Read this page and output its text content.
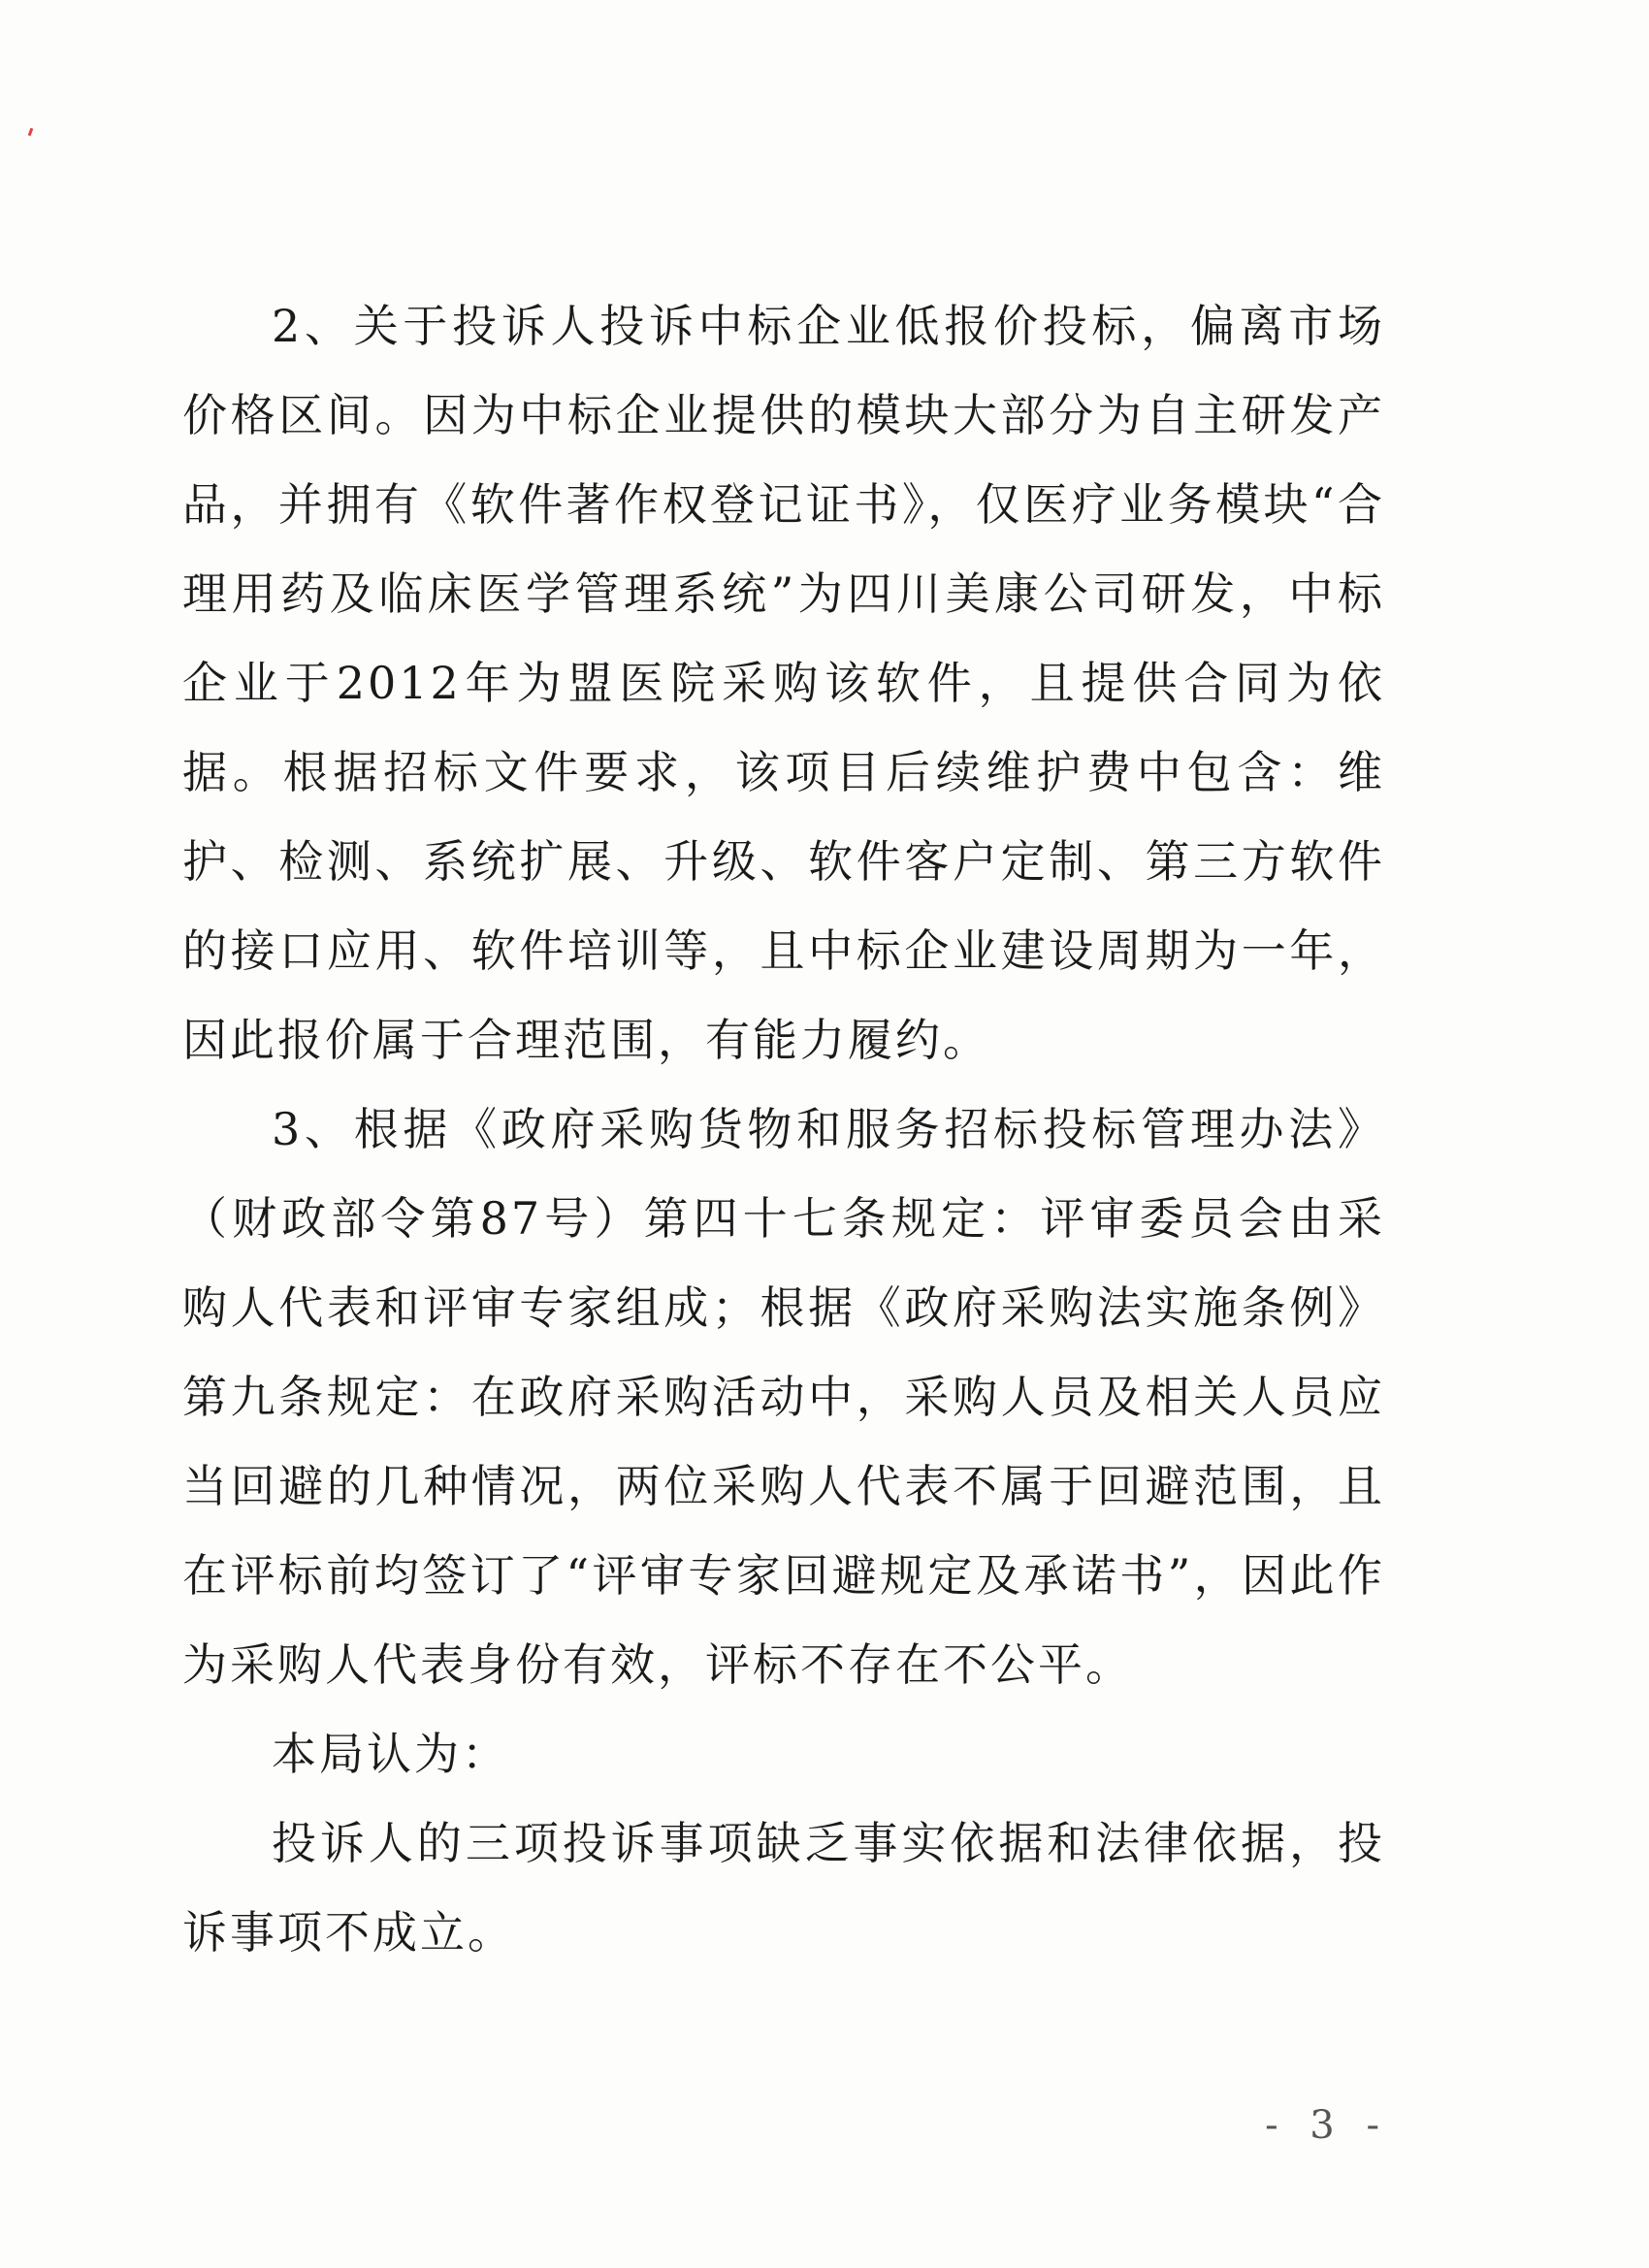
2、关于投诉人投诉中标企业低报价投标，偏离市场价格区间。因为中标企业提供的模块大部分为自主研发产品，并拥有《软件著作权登记证书》，仅医疗业务模块“合理用药及临床医学管理系统”为四川美康公司研发，中标企业于2012年为盟医院采购该软件，且提供合同为依据。根据招标文件要求，该项目后续维护费中包含：维护、检测、系统扩展、升级、软件客户定制、第三方软件的接口应用、软件培训等，且中标企业建设周期为一年，因此报价属于合理范围，有能力履约。

3、根据《政府采购货物和服务招标投标管理办法》（财政部令第87号）第四十七条规定：评审委员会由采购人代表和评审专家组成；根据《政府采购法实施条例》第九条规定：在政府采购活动中，采购人员及相关人员应当回避的几种情况，两位采购人代表不属于回避范围，且在评标前均签订了“评审专家回避规定及承诺书”，因此作为采购人代表身份有效，评标不存在不公平。

本局认为：

投诉人的三项投诉事项缺乏事实依据和法律依据，投诉事项不成立。

- 3 -
